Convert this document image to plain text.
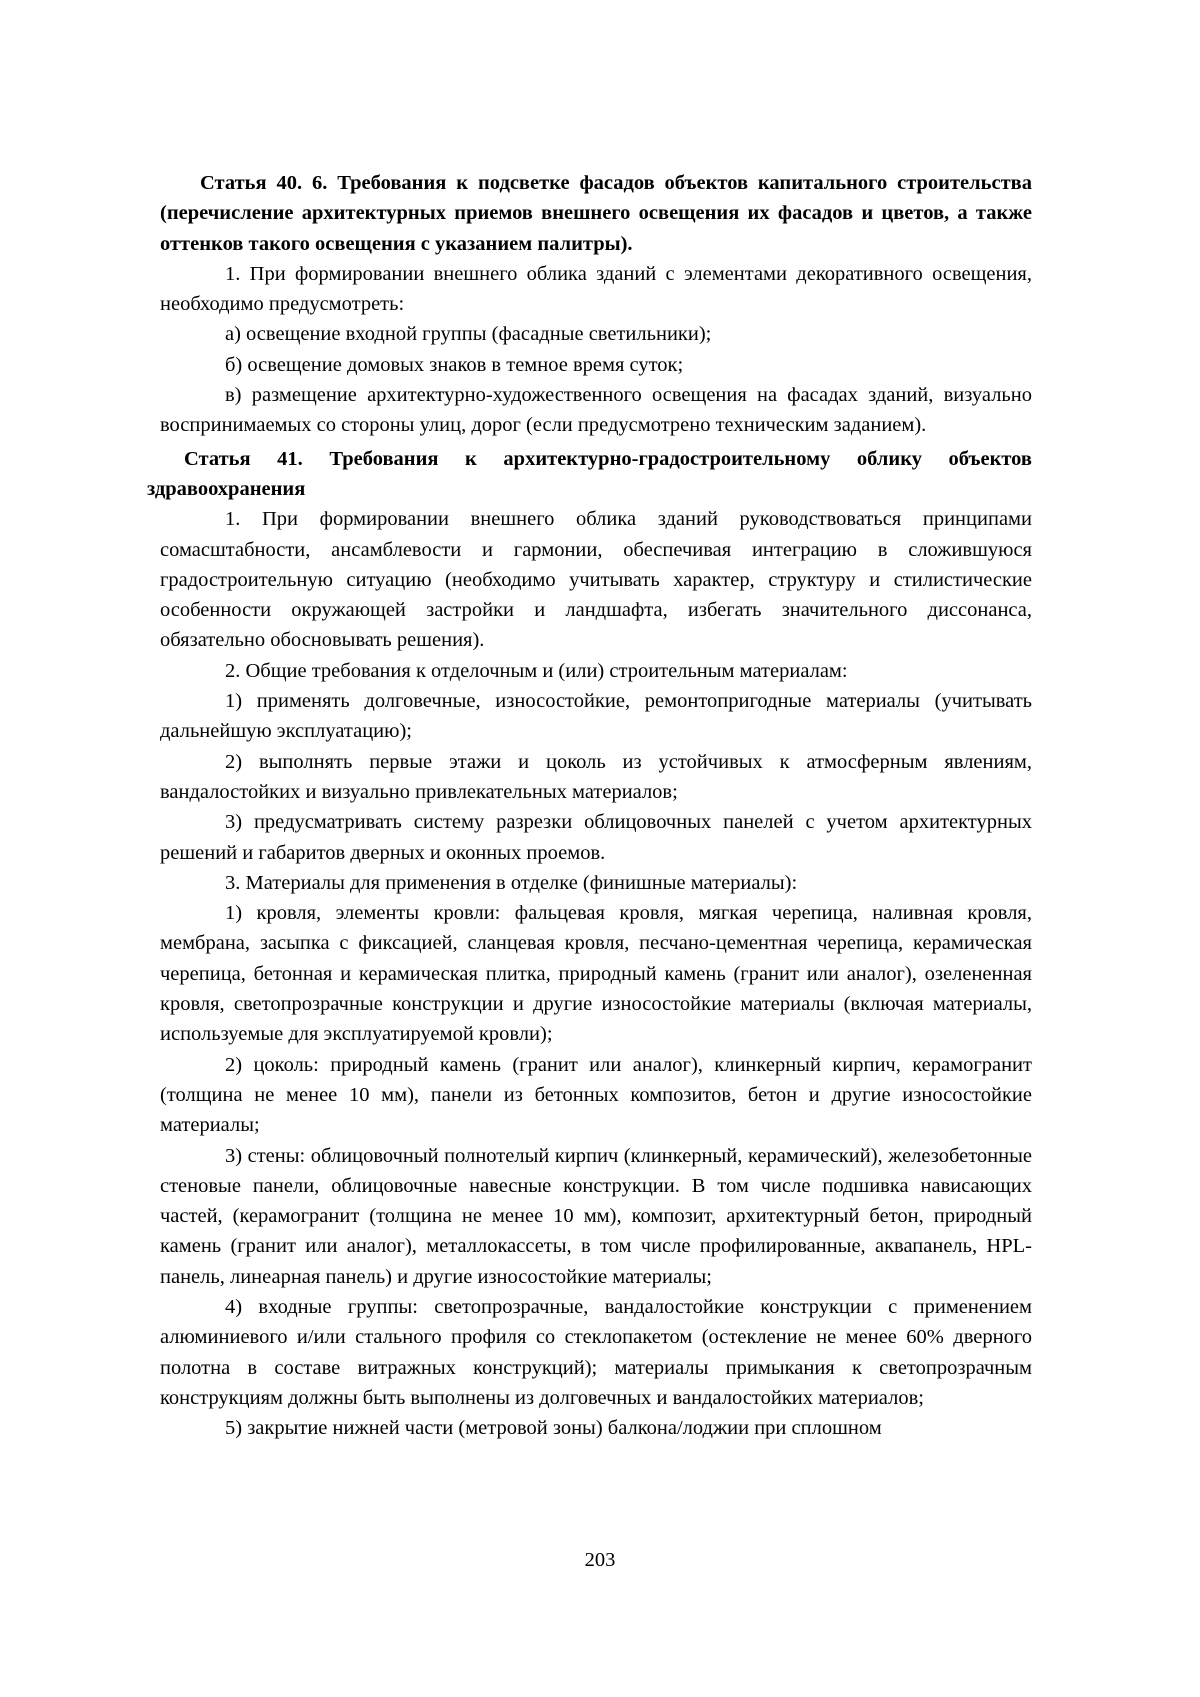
Статья 40. 6. Требования к подсветке фасадов объектов капитального строительства (перечисление архитектурных приемов внешнего освещения их фасадов и цветов, а также оттенков такого освещения с указанием палитры).

1. При формировании внешнего облика зданий с элементами декоративного освещения, необходимо предусмотреть:

а) освещение входной группы (фасадные светильники);

б) освещение домовых знаков в темное время суток;

в) размещение архитектурно-художественного освещения на фасадах зданий, визуально воспринимаемых со стороны улиц, дорог (если предусмотрено техническим заданием).

Статья 41. Требования к архитектурно-градостроительному облику объектов здравоохранения

1. При формировании внешнего облика зданий руководствоваться принципами сомасштабности, ансамблевости и гармонии, обеспечивая интеграцию в сложившуюся градостроительную ситуацию (необходимо учитывать характер, структуру и стилистические особенности окружающей застройки и ландшафта, избегать значительного диссонанса, обязательно обосновывать решения).

2. Общие требования к отделочным и (или) строительным материалам:

1) применять долговечные, износостойкие, ремонтопригодные материалы (учитывать дальнейшую эксплуатацию);

2) выполнять первые этажи и цоколь из устойчивых к атмосферным явлениям, вандалостойких и визуально привлекательных материалов;

3) предусматривать систему разрезки облицовочных панелей с учетом архитектурных решений и габаритов дверных и оконных проемов.

3. Материалы для применения в отделке (финишные материалы):

1) кровля, элементы кровли: фальцевая кровля, мягкая черепица, наливная кровля, мембрана, засыпка с фиксацией, сланцевая кровля, песчано-цементная черепица, керамическая черепица, бетонная и керамическая плитка, природный камень (гранит или аналог), озелененная кровля, светопрозрачные конструкции и другие износостойкие материалы (включая материалы, используемые для эксплуатируемой кровли);

2) цоколь: природный камень (гранит или аналог), клинкерный кирпич, керамогранит (толщина не менее 10 мм), панели из бетонных композитов, бетон и другие износостойкие материалы;

3) стены: облицовочный полнотелый кирпич (клинкерный, керамический), железобетонные стеновые панели, облицовочные навесные конструкции. В том числе подшивка нависающих частей, (керамогранит (толщина не менее 10 мм), композит, архитектурный бетон, природный камень (гранит или аналог), металлокассеты, в том числе профилированные, аквапанель, HPL-панель, линеарная панель) и другие износостойкие материалы;

4) входные группы: светопрозрачные, вандалостойкие конструкции с применением алюминиевого и/или стального профиля со стеклопакетом (остекление не менее 60% дверного полотна в составе витражных конструкций); материалы примыкания к светопрозрачным конструкциям должны быть выполнены из долговечных и вандалостойких материалов;

5) закрытие нижней части (метровой зоны) балкона/лоджии при сплошном

203
